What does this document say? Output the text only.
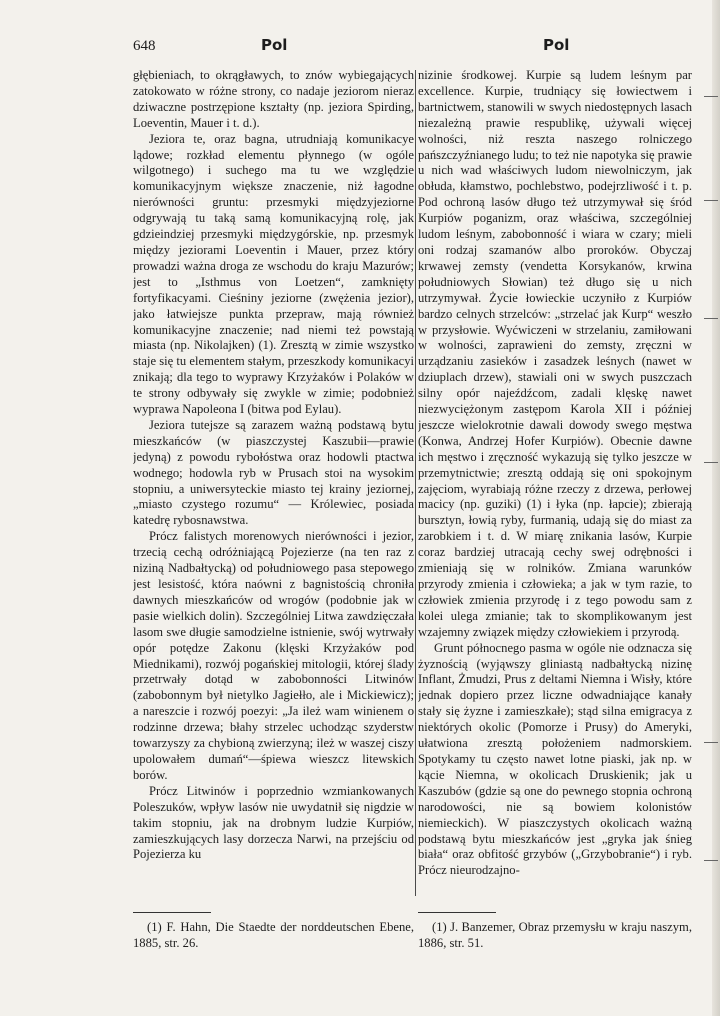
648	Pol	Pol

głębieniach, to okrągławych, to znów wybiegających zatokowato w różne strony, co nadaje jeziorom nieraz dziwaczne postrzępione kształty (np. jeziora Spirding, Loeventin, Mauer i t. d.).

Jeziora te, oraz bagna, utrudniają komunikacye lądowe; rozkład elementu płynnego (w ogóle wilgotnego) i suchego ma tu we względzie komunikacyjnym większe znaczenie, niż łagodne nierówności gruntu: przesmyki międzyjeziorne odgrywają tu taką samą komunikacyjną rolę, jak gdzieindziej przesmyki międzygórskie, np. przesmyk między jeziorami Loeventin i Mauer, przez który prowadzi ważna droga ze wschodu do kraju Mazurów; jest to „Isthmus von Loetzen“, zamknięty fortyfikacyami. Cieśniny jeziorne (zwężenia jezior), jako łatwiejsze punkta przepraw, mają również komunikacyjne znaczenie; nad niemi też powstają miasta (np. Nikolajken) (1). Zresztą w zimie wszystko staje się tu elementem stałym, przeszkody komunikacyi znikają; dla tego to wyprawy Krzyżaków i Polaków w te strony odbywały się zwykle w zimie; podobnież wyprawa Napoleona I (bitwa pod Eylau).

Jeziora tutejsze są zarazem ważną podstawą bytu mieszkańców (w piaszczystej Kaszubii—prawie jedyną) z powodu rybołóstwa oraz hodowli ptactwa wodnego; hodowla ryb w Prusach stoi na wysokim stopniu, a uniwersyteckie miasto tej krainy jeziornej, „miasto czystego rozumu“ — Królewiec, posiada katedrę rybosnawstwa.

Prócz falistych morenowych nierówności i jezior, trzecią cechą odróżniającą Pojezierze (na ten raz z niziną Nadbałtycką) od południowego pasa stepowego jest lesistość, która naówni z bagnistością chroniła dawnych mieszkańców od wrogów (podobnie jak w pasie wielkich dolin). Szczególniej Litwa zawdzięczała lasom swe długie samodzielne istnienie, swój wytrwały opór potędze Zakonu (klęski Krzyżaków pod Miednikami), rozwój pogańskiej mitologii, której ślady przetrwały dotąd w zabobonności Litwinów (zabobonnym był nietylko Jagiełło, ale i Mickiewicz); a nareszcie i rozwój poezyi: „Ja ileż wam winienem o rodzinne drzewa; błahy strzelec uchodząc szyderstw towarzyszy za chybioną zwierzyną; ileż w waszej ciszy upolowałem dumań“—śpiewa wieszcz litewskich borów.

Prócz Litwinów i poprzednio wzmiankowanych Poleszuków, wpływ lasów nie uwydatnił się nigdzie w takim stopniu, jak na drobnym ludzie Kurpiów, zamieszkujących lasy dorzecza Narwi, na przejściu od Pojezierza ku

nizinie środkowej. Kurpie są ludem leśnym par excellence. Kurpie, trudniący się łowiectwem i bartnictwem, stanowili w swych niedostępnych lasach niezależną prawie respublikę, używali więcej wolności, niż reszta naszego rolniczego pańszczyźnianego ludu; to też nie napotyka się prawie u nich wad właściwych ludom niewolniczym, jak obłuda, kłamstwo, pochlebstwo, podejrzliwość i t. p. Pod ochroną lasów długo też utrzymywał się śród Kurpiów poganizm, oraz właściwa, szczególniej ludom leśnym, zabobonność i wiara w czary; mieli oni rodzaj szamanów albo proroków. Obyczaj krwawej zemsty (vendetta Korsykanów, krwina południowych Słowian) też długo się u nich utrzymywał. Życie łowieckie uczyniło z Kurpiów bardzo celnych strzelców: „strzelać jak Kurp“ weszło w przysłowie. Wyćwiczeni w strzelaniu, zamiłowani w wolności, zaprawieni do zemsty, zręczni w urządzaniu zasieków i zasadzek leśnych (nawet w dziuplach drzew), stawiali oni w swych puszczach silny opór najeźdźcom, zadali klęskę nawet niezwyciężonym zastępom Karola XII i później jeszcze wielokrotnie dawali dowody swego męstwa (Konwa, Andrzej Hofer Kurpiów). Obecnie dawne ich męstwo i zręczność wykazują się tylko jeszcze w przemytnictwie; zresztą oddają się oni spokojnym zajęciom, wyrabiają różne rzeczy z drzewa, perłowej macicy (np. guziki) (1) i łyka (np. łapcie); zbierają bursztyn, łowią ryby, furmanią, udają się do miast za zarobkiem i t. d. W miarę znikania lasów, Kurpie coraz bardziej utracają cechy swej odrębności i zmieniają się w rolników. Zmiana warunków przyrody zmienia i człowieka; a jak w tym razie, to człowiek zmienia przyrodę i z tego powodu sam z kolei ulega zmianie; tak to skomplikowanym jest wzajemny związek między człowiekiem i przyrodą.

Grunt północnego pasma w ogóle nie odznacza się żyznością (wyjąwszy gliniastą nadbałtycką nizinę Inflant, Żmudzi, Prus z deltami Niemna i Wisły, które jednak dopiero przez liczne odwadniające kanały stały się żyzne i zamieszkałe); stąd silna emigracya z niektórych okolic (Pomorze i Prusy) do Ameryki, ułatwiona zresztą położeniem nadmorskiem. Spotykamy tu często nawet lotne piaski, jak np. w kącie Niemna, w okolicach Druskienik; jak u Kaszubów (gdzie są one do pewnego stopnia ochroną narodowości, nie są bowiem kolonistów niemieckich). W piaszczystych okolicach ważną podstawą bytu mieszkańców jest „gryka jak śnieg biała“ oraz obfitość grzybów („Grzybobranie“) i ryb. Prócz nieurodzajno-

(1) F. Hahn, Die Staedte der norddeutschen Ebene, 1885, str. 26.

(1) J. Banzemer, Obraz przemysłu w kraju naszym, 1886, str. 51.
